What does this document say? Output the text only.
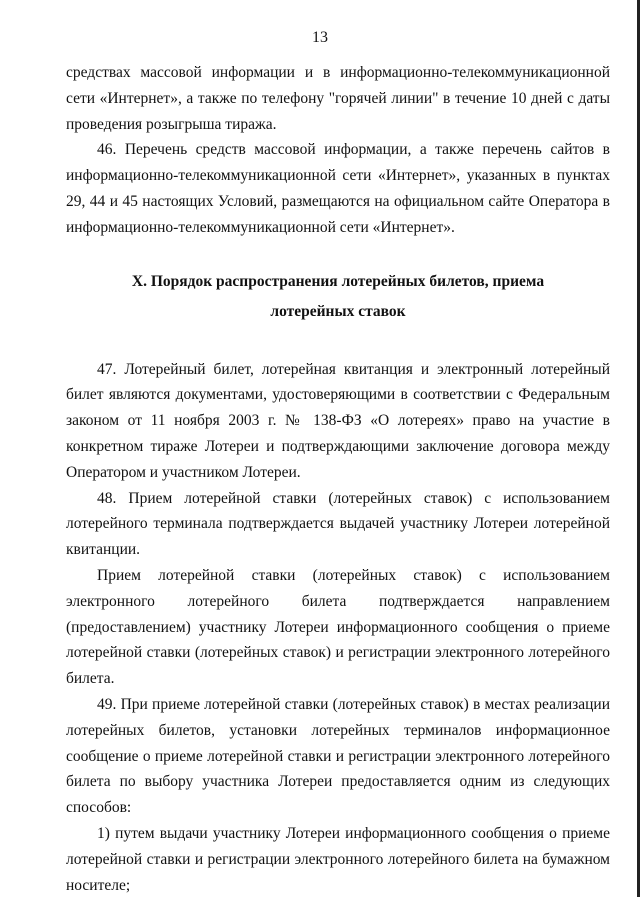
13

средствах массовой информации и в информационно-телекоммуникационной сети «Интернет», а также по телефону "горячей линии" в течение 10 дней с даты проведения розыгрыша тиража.

46. Перечень средств массовой информации, а также перечень сайтов в информационно-телекоммуникационной сети «Интернет», указанных в пунктах 29, 44 и 45 настоящих Условий, размещаются на официальном сайте Оператора в информационно-телекоммуникационной сети «Интернет».

X. Порядок распространения лотерейных билетов, приема
лотерейных ставок

47. Лотерейный билет, лотерейная квитанция и электронный лотерейный билет являются документами, удостоверяющими в соответствии с Федеральным законом от 11 ноября 2003 г. № 138-ФЗ «О лотереях» право на участие в конкретном тираже Лотереи и подтверждающими заключение договора между Оператором и участником Лотереи.

48. Прием лотерейной ставки (лотерейных ставок) с использованием лотерейного терминала подтверждается выдачей участнику Лотереи лотерейной квитанции.

Прием лотерейной ставки (лотерейных ставок) с использованием электронного лотерейного билета подтверждается направлением (предоставлением) участнику Лотереи информационного сообщения о приеме лотерейной ставки (лотерейных ставок) и регистрации электронного лотерейного билета.

49. При приеме лотерейной ставки (лотерейных ставок) в местах реализации лотерейных билетов, установки лотерейных терминалов информационное сообщение о приеме лотерейной ставки и регистрации электронного лотерейного билета по выбору участника Лотереи предоставляется одним из следующих способов:

1) путем выдачи участнику Лотереи информационного сообщения о приеме лотерейной ставки и регистрации электронного лотерейного билета на бумажном носителе;
